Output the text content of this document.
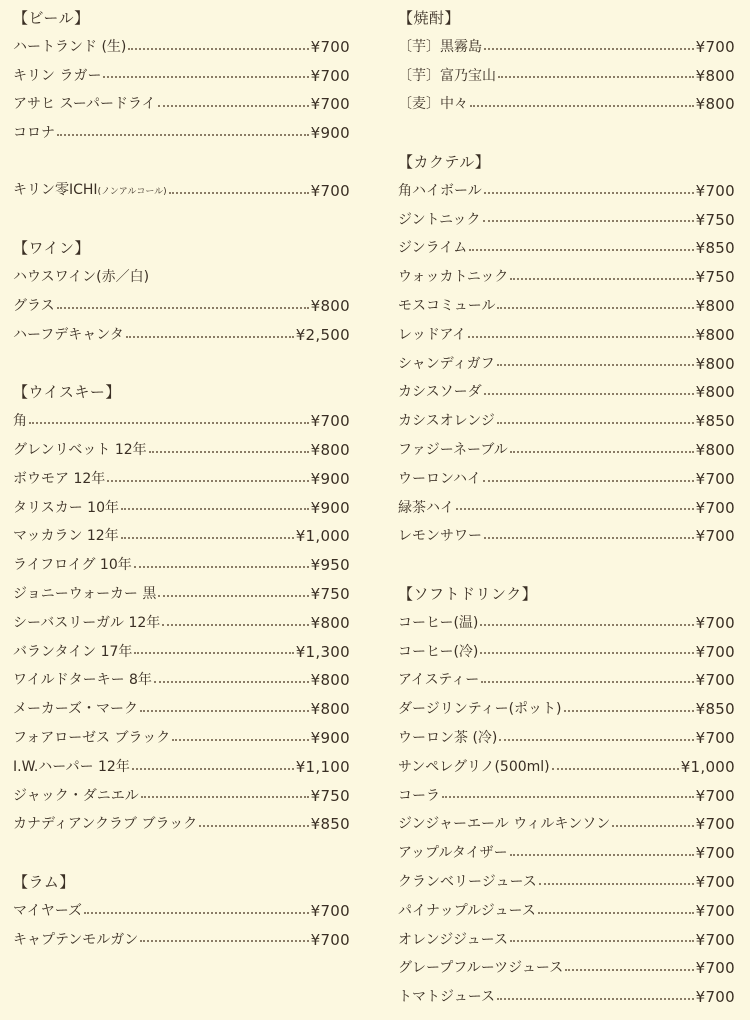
【ビール】
ハートランド (生)	¥700
キリン ラガー	¥700
アサヒ スーパードライ	¥700
コロナ	¥900
キリン零ICHI(ノンアルコール)	¥700
【ワイン】
ハウスワイン(赤／白)
グラス	¥800
ハーフデキャンタ	¥2,500
【ウイスキー】
角	¥700
グレンリベット 12年	¥800
ボウモア 12年	¥900
タリスカー 10年	¥900
マッカラン 12年	¥1,000
ライフロイグ 10年	¥950
ジョニーウォーカー 黒	¥750
シーバスリーガル 12年	¥800
バランタイン 17年	¥1,300
ワイルドターキー 8年	¥800
メーカーズ・マーク	¥800
フォアローゼス ブラック	¥900
I.W.ハーパー 12年	¥1,100
ジャック・ダニエル	¥750
カナディアンクラブ ブラック	¥850
【ラム】
マイヤーズ	¥700
キャプテンモルガン	¥700
【焼酎】
〔芋〕黒霧島	¥700
〔芋〕富乃宝山	¥800
〔麦〕中々	¥800
【カクテル】
角ハイボール	¥700
ジントニック	¥750
ジンライム	¥850
ウォッカトニック	¥750
モスコミュール	¥800
レッドアイ	¥800
シャンディガフ	¥800
カシスソーダ	¥800
カシスオレンジ	¥850
ファジーネーブル	¥800
ウーロンハイ	¥700
緑茶ハイ	¥700
レモンサワー	¥700
【ソフトドリンク】
コーヒー(温)	¥700
コーヒー(冷)	¥700
アイスティー	¥700
ダージリンティー(ポット)	¥850
ウーロン茶 (冷)	¥700
サンペレグリノ(500ml)	¥1,000
コーラ	¥700
ジンジャーエール ウィルキンソン	¥700
アップルタイザー	¥700
クランベリージュース	¥700
パイナップルジュース	¥700
オレンジジュース	¥700
グレープフルーツジュース	¥700
トマトジュース	¥700
